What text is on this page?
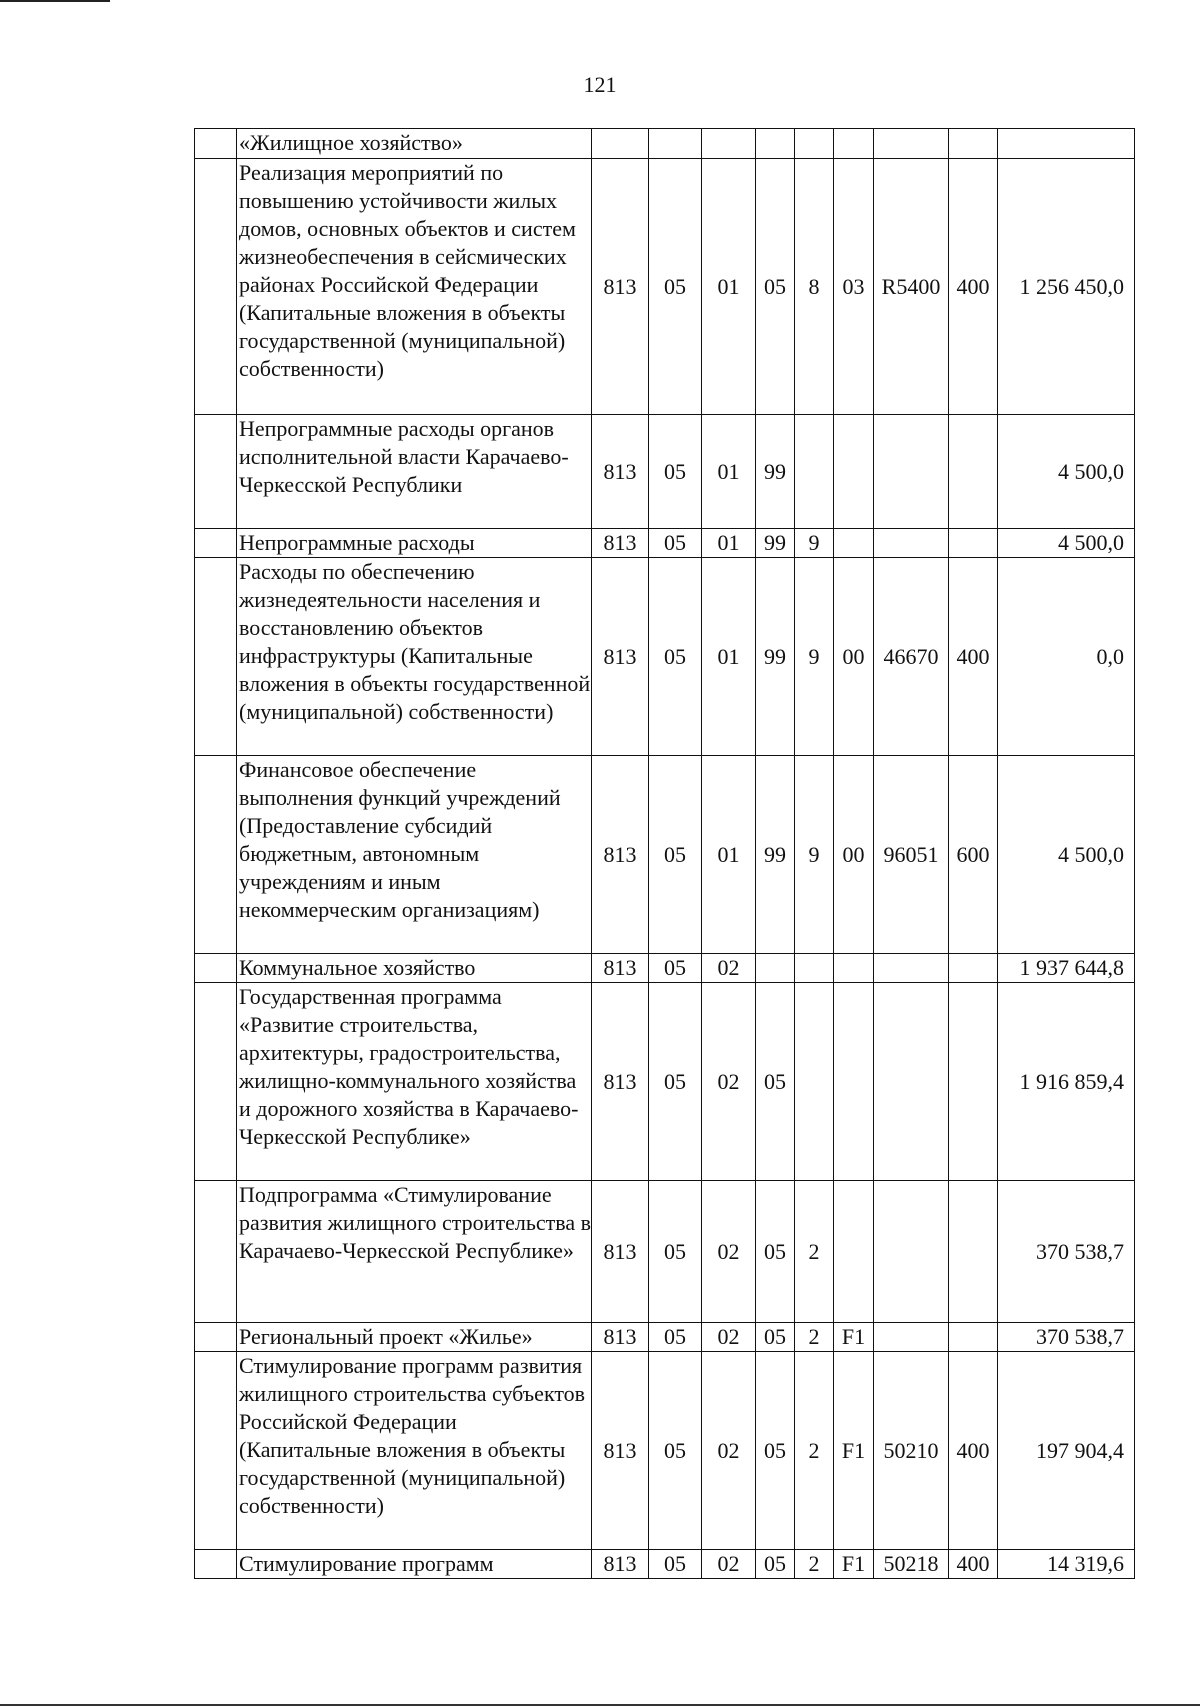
121
	«Жилищное хозяйство»									
	Реализация мероприятий по повышению устойчивости жилых домов, основных объектов и систем жизнеобеспечения в сейсмических районах Российской Федерации (Капитальные вложения в объекты государственной (муниципальной) собственности)	813	05	01	05	8	03	R5400	400	1 256 450,0
	Непрограммные расходы органов исполнительной власти Карачаево-Черкесской Республики	813	05	01	99					4 500,0
	Непрограммные расходы	813	05	01	99	9				4 500,0
	Расходы по обеспечению жизнедеятельности населения и восстановлению объектов инфраструктуры (Капитальные вложения в объекты государственной (муниципальной) собственности)	813	05	01	99	9	00	46670	400	0,0
	Финансовое обеспечение выполнения функций учреждений (Предоставление субсидий бюджетным, автономным учреждениям и иным некоммерческим организациям)	813	05	01	99	9	00	96051	600	4 500,0
	Коммунальное хозяйство	813	05	02						1 937 644,8
	Государственная программа «Развитие строительства, архитектуры, градостроительства, жилищно-коммунального хозяйства и дорожного хозяйства в Карачаево-Черкесской Республике»	813	05	02	05					1 916 859,4
	Подпрограмма «Стимулирование развития жилищного строительства в Карачаево-Черкесской Республике»	813	05	02	05	2				370 538,7
	Региональный проект «Жилье»	813	05	02	05	2	F1			370 538,7
	Стимулирование программ развития жилищного строительства субъектов Российской Федерации (Капитальные вложения в объекты государственной (муниципальной) собственности)	813	05	02	05	2	F1	50210	400	197 904,4
	Стимулирование программ	813	05	02	05	2	F1	50218	400	14 319,6
